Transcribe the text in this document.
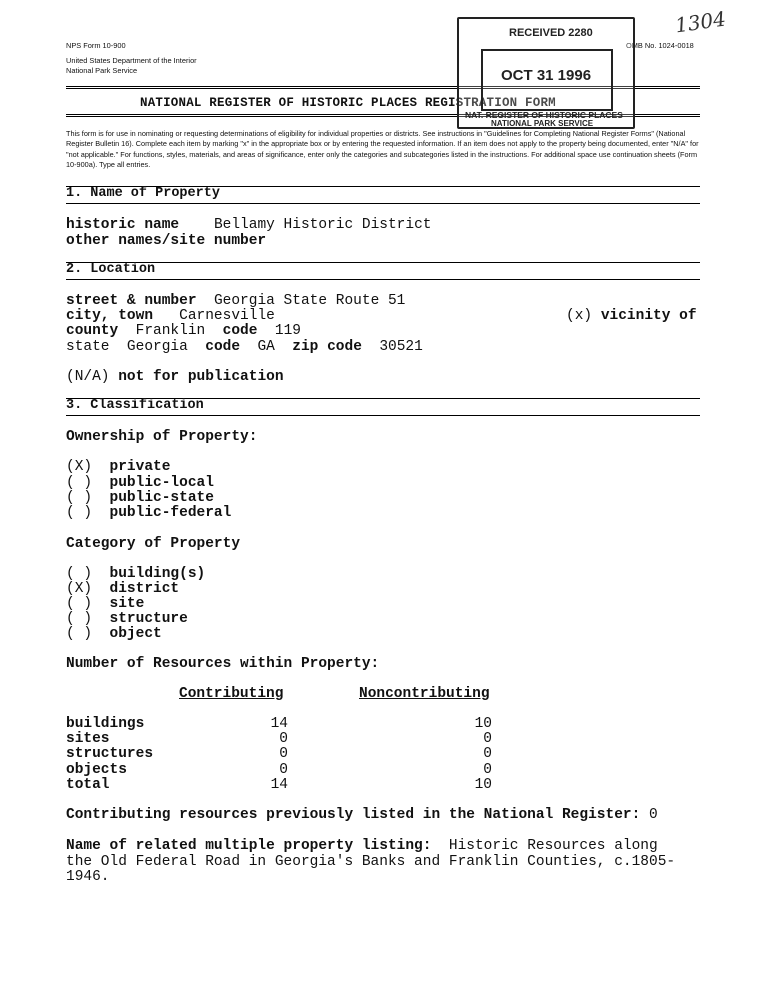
NPS Form 10-900
United States Department of the Interior
National Park Service
OMB No. 1024-0018
NATIONAL REGISTER OF HISTORIC PLACES REGISTRATION FORM
This form is for use in nominating or requesting determinations of eligibility for individual properties or districts. See instructions in "Guidelines for Completing National Register Forms" (National Register Bulletin 16). Complete each item by marking "x" in the appropriate box or by entering the requested information. If an item does not apply to the property being documented, enter "N/A" for "not applicable." For functions, styles, materials, and areas of significance, enter only the categories and subcategories listed in the instructions. For additional space use continuation sheets (Form 10-900a). Type all entries.
RECEIVED 2280
OCT 31 1996
NAT. REGISTER OF HISTORIC PLACES
NATIONAL PARK SERVICE
1304
1. Name of Property
historic name Bellamy Historic District
other names/site number
2. Location
street & number Georgia State Route 51
city, town Carnesville	(x) vicinity of
county Franklin code 119
state Georgia code GA zip code 30521
(N/A) not for publication
3. Classification
Ownership of Property:
(X) private
( ) public-local
( ) public-state
( ) public-federal
Category of Property
( ) building(s)
(X) district
( ) site
( ) structure
( ) object
Number of Resources within Property:
Contributing	Noncontributing
buildings	14	10
sites	0	0
structures	0	0
objects	0	0
total	14	10
Contributing resources previously listed in the National Register: 0
Name of related multiple property listing: Historic Resources along
the Old Federal Road in Georgia's Banks and Franklin Counties, c.1805-
1946.
